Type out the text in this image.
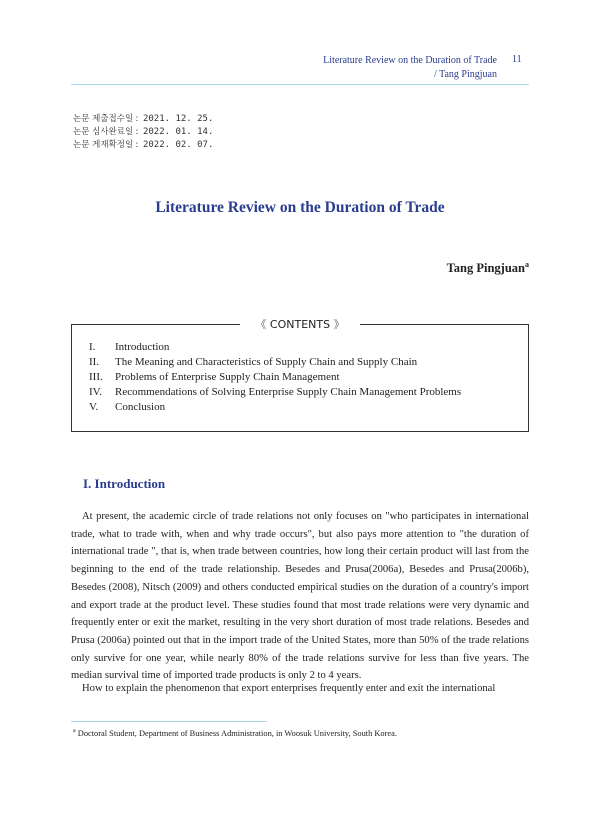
Literature Review on the Duration of Trade
/ Tang Pingjuan
11
논문 제출접수일 : 2021. 12. 25.
논문 심사완료일 : 2022. 01. 14.
논문 게재확정일 : 2022. 02. 07.
Literature Review on the Duration of Trade
Tang Pingjuan$^a$
《 CONTENTS 》
I.	Introduction
II.	The Meaning and Characteristics of Supply Chain and Supply Chain
III.	Problems of Enterprise Supply Chain Management
IV.	Recommendations of Solving Enterprise Supply Chain Management Problems
V.	Conclusion
I. Introduction

At present, the academic circle of trade relations not only focuses on "who participates in international trade, what to trade with, when and why trade occurs", but also pays more attention to "the duration of international trade ", that is, when trade between countries, how long their certain product will last from the beginning to the end of the trade relationship. Besedes and Prusa(2006a), Besedes and Prusa(2006b), Besedes (2008), Nitsch (2009) and others conducted empirical studies on the duration of a country's import and export trade at the product level. These studies found that most trade relations were very dynamic and frequently enter or exit the market, resulting in the very short duration of most trade relations. Besedes and Prusa (2006a) pointed out that in the import trade of the United States, more than 50% of the trade relations only survive for one year, while nearly 80% of the trade relations survive for less than five years. The median survival time of imported trade products is only 2 to 4 years.

How to explain the phenomenon that export enterprises frequently enter and exit the international

$^a$ Doctoral Student, Department of Business Administration, in Woosuk University, South Korea.
